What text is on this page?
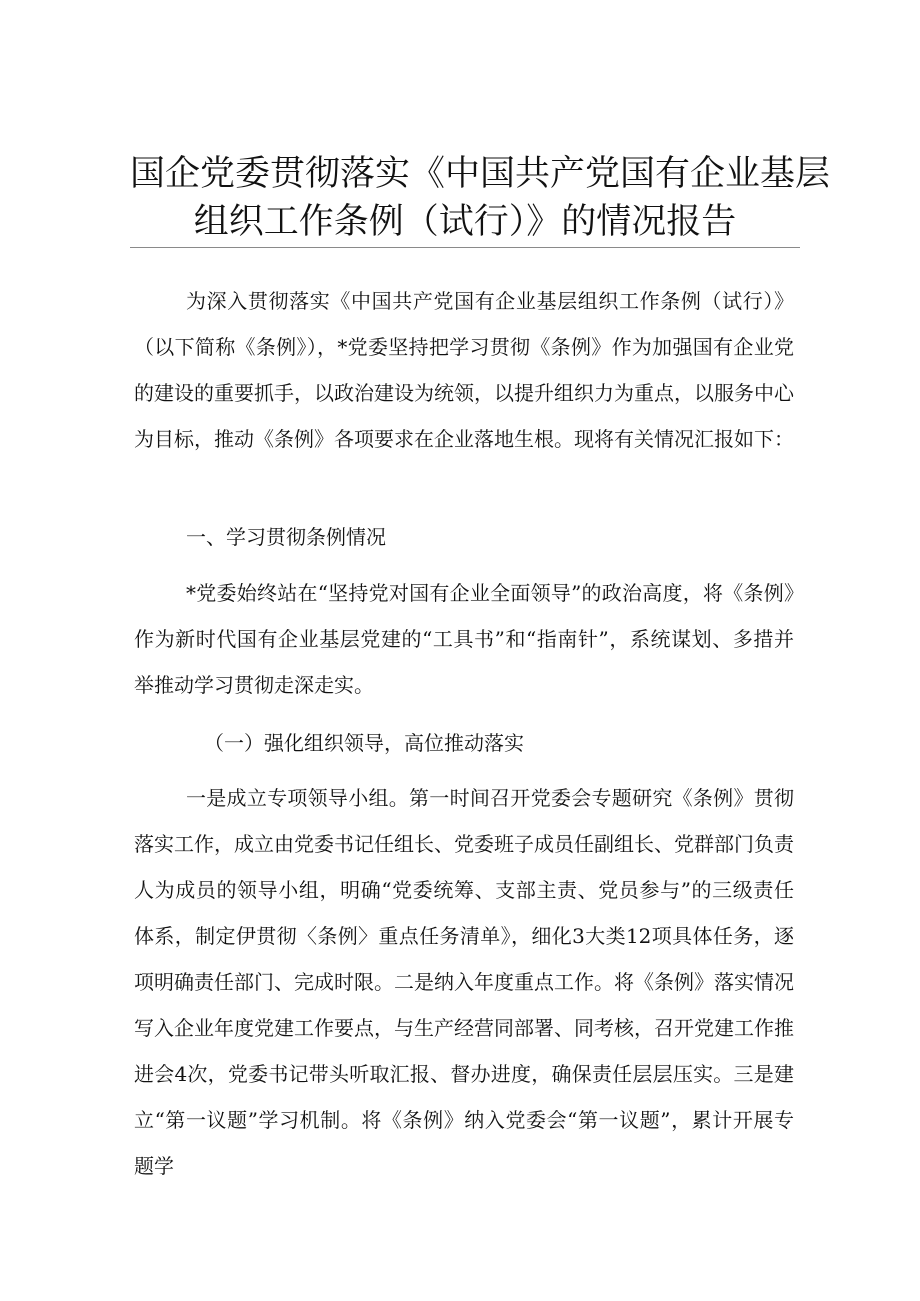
国企党委贯彻落实《中国共产党国有企业基层
组织工作条例（试行）》的情况报告
为深入贯彻落实《中国共产党国有企业基层组织工作条例（试行）》（以下简称《条例》），*党委坚持把学习贯彻《条例》作为加强国有企业党的建设的重要抓手，以政治建设为统领，以提升组织力为重点，以服务中心为目标，推动《条例》各项要求在企业落地生根。现将有关情况汇报如下：
一、学习贯彻条例情况
*党委始终站在“坚持党对国有企业全面领导”的政治高度，将《条例》作为新时代国有企业基层党建的“工具书”和“指南针”，系统谋划、多措并举推动学习贯彻走深走实。
（一）强化组织领导，高位推动落实
一是成立专项领导小组。第一时间召开党委会专题研究《条例》贯彻落实工作，成立由党委书记任组长、党委班子成员任副组长、党群部门负责人为成员的领导小组，明确“党委统筹、支部主责、党员参与”的三级责任体系，制定伊贯彻〈条例〉重点任务清单》，细化3大类12项具体任务，逐项明确责任部门、完成时限。二是纳入年度重点工作。将《条例》落实情况写入企业年度党建工作要点，与生产经营同部署、同考核，召开党建工作推进会4次，党委书记带头听取汇报、督办进度，确保责任层层压实。三是建立“第一议题”学习机制。将《条例》纳入党委会“第一议题”，累计开展专题学
